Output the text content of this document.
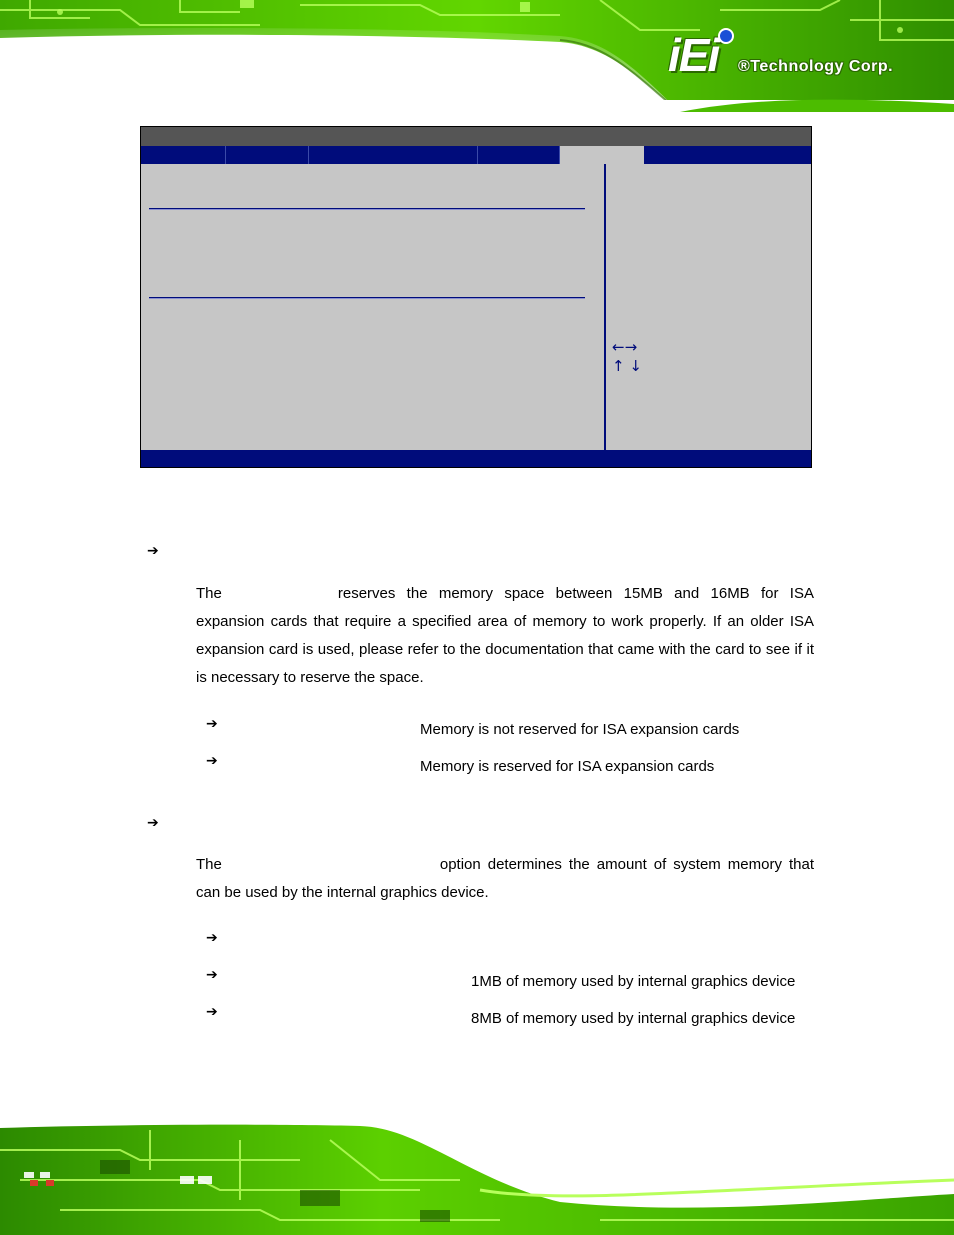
iEi	®Technology Corp.
←→
↑ ↓
➔
The	reserves the memory space between 15MB and 16MB for ISA expansion cards that require a specified area of memory to work properly. If an older ISA expansion card is used, please refer to the documentation that came with the card to see if it is necessary to reserve the space.
➔	Memory is not reserved for ISA expansion cards
➔	Memory is reserved for ISA expansion cards
➔
The	option determines the amount of system memory that can be used by the internal graphics device.
➔
➔	1MB of memory used by internal graphics device
➔	8MB of memory used by internal graphics device
